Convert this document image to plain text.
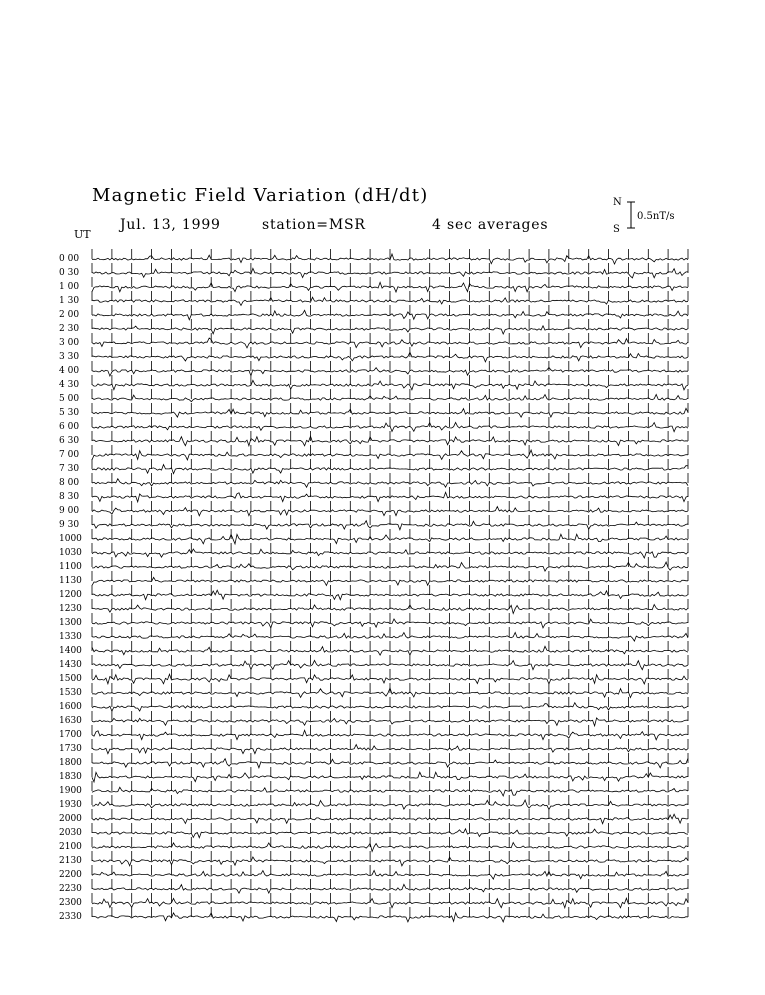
Magnetic Field Variation (dH/dt)
Jul. 13, 1999	station=MSR	4 sec averages
N
S
0.5nT/s
UT
0 00
0 30
1 00
1 30
2 00
2 30
3 00
3 30
4 00
4 30
5 00
5 30
6 00
6 30
7 00
7 30
8 00
8 30
9 00
9 30
1000
1030
1100
1130
1200
1230
1300
1330
1400
1430
1500
1530
1600
1630
1700
1730
1800
1830
1900
1930
2000
2030
2100
2130
2200
2230
2300
2330
